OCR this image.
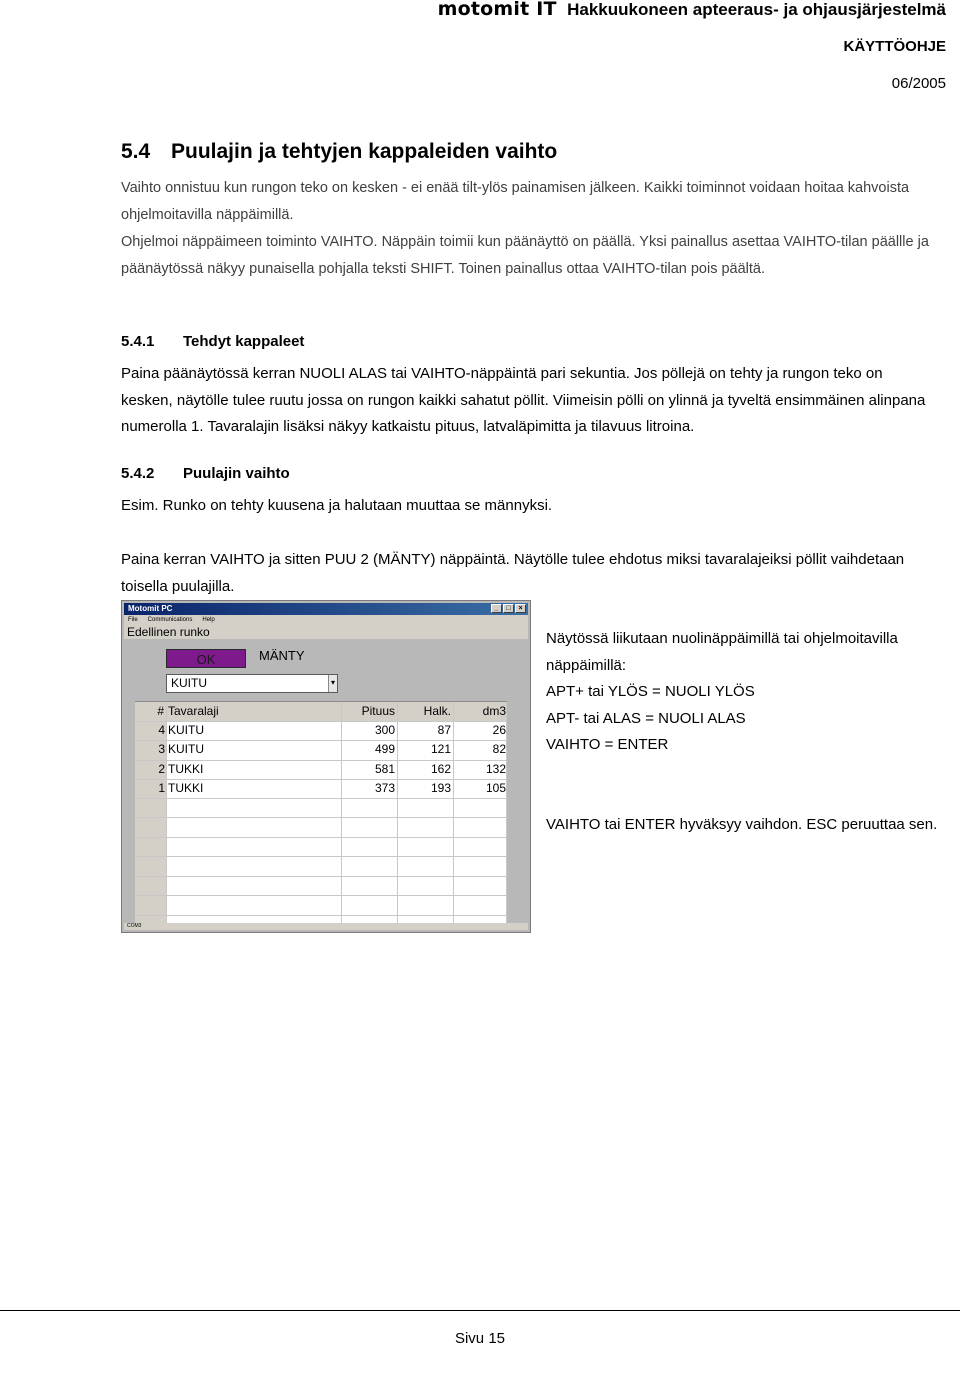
motomit IT Hakkuukoneen apteeraus- ja ohjausjärjestelmä
KÄYTTÖOHJE
06/2005
5.4 Puulajin ja tehtyjen kappaleiden vaihto
Vaihto onnistuu kun rungon teko on kesken - ei enää tilt-ylös painamisen jälkeen. Kaikki toiminnot voidaan hoitaa kahvoista ohjelmoitavilla näppäimillä.
Ohjelmoi näppäimeen toiminto VAIHTO. Näppäin toimii kun päänäyttö on päällä. Yksi painallus asettaa VAIHTO-tilan päällle ja päänäytössä näkyy punaisella pohjalla teksti SHIFT. Toinen painallus ottaa VAIHTO-tilan pois päältä.
5.4.1 Tehdyt kappaleet
Paina päänäytössä kerran NUOLI ALAS tai VAIHTO-näppäintä pari sekuntia. Jos pöllejä on tehty ja rungon teko on kesken, näytölle tulee ruutu jossa on rungon kaikki sahatut pöllit. Viimeisin pölli on ylinnä ja tyveltä ensimmäinen alinpana numerolla 1. Tavaralajin lisäksi näkyy katkaistu pituus, latvaläpimitta ja tilavuus litroina.
5.4.2 Puulajin vaihto
Esim. Runko on tehty kuusena ja halutaan muuttaa se männyksi.
Paina kerran VAIHTO ja sitten PUU 2 (MÄNTY) näppäintä. Näytölle tulee ehdotus miksi tavaralajeiksi pöllit vaihdetaan toisella puulajilla.
Motomit PC	_	□	×
File Communications Help
Edellinen runko
OK	MÄNTY
KUITU	▾
# Tavaralaji	Pituus	Halk.	dm3
4 KUITU	300	87	26
3 KUITU	499	121	82
2 TUKKI	581	162	132
1 TUKKI	373	193	105
COM3
Näytössä liikutaan nuolinäppäimillä tai ohjelmoitavilla näppäimillä:
APT+ tai YLÖS = NUOLI YLÖS
APT- tai ALAS = NUOLI ALAS
VAIHTO = ENTER
VAIHTO tai ENTER hyväksyy vaihdon. ESC peruuttaa sen.
Sivu 15
